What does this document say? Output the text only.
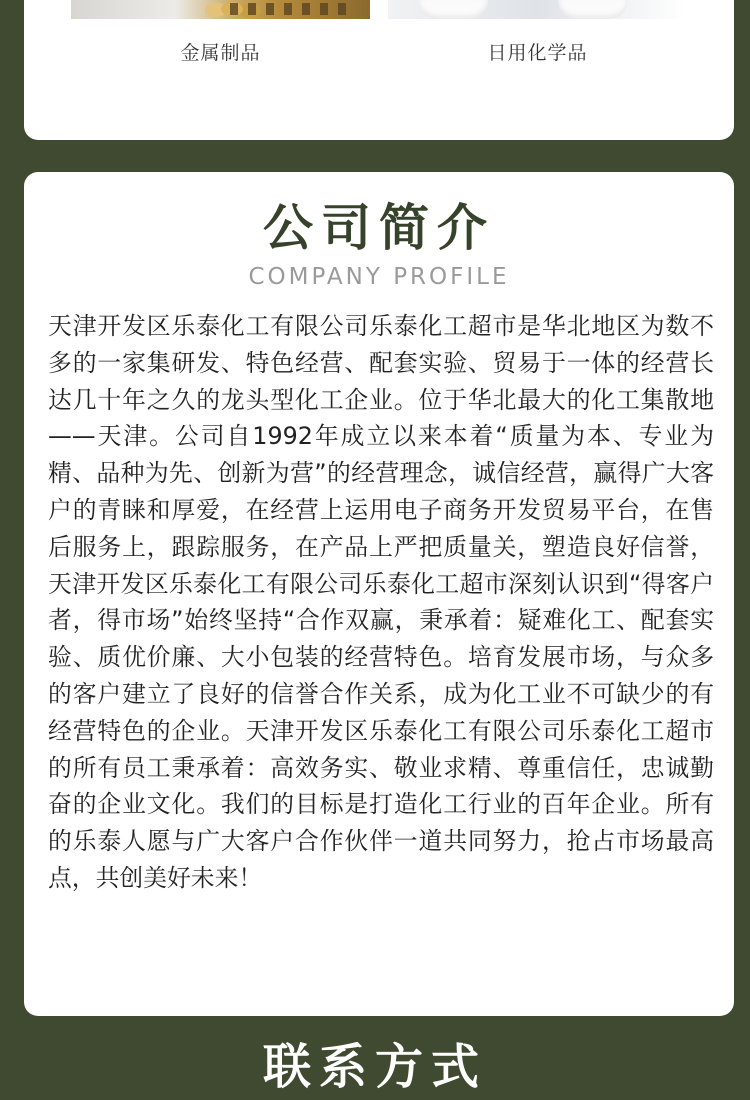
金属制品	日用化学品
公司简介
COMPANY PROFILE

天津开发区乐泰化工有限公司乐泰化工超市是华北地区为数不多的一家集研发、特色经营、配套实验、贸易于一体的经营长达几十年之久的龙头型化工企业。位于华北最大的化工集散地——天津。公司自1992年成立以来本着“质量为本、专业为精、品种为先、创新为营”的经营理念，诚信经营，赢得广大客户的青睐和厚爱，在经营上运用电子商务开发贸易平台，在售后服务上，跟踪服务，在产品上严把质量关，塑造良好信誉，天津开发区乐泰化工有限公司乐泰化工超市深刻认识到“得客户者，得市场”始终坚持“合作双赢，秉承着：疑难化工、配套实验、质优价廉、大小包装的经营特色。培育发展市场，与众多的客户建立了良好的信誉合作关系，成为化工业不可缺少的有经营特色的企业。天津开发区乐泰化工有限公司乐泰化工超市的所有员工秉承着：高效务实、敬业求精、尊重信任，忠诚勤奋的企业文化。我们的目标是打造化工行业的百年企业。所有的乐泰人愿与广大客户合作伙伴一道共同努力，抢占市场最高点，共创美好未来！

联系方式
